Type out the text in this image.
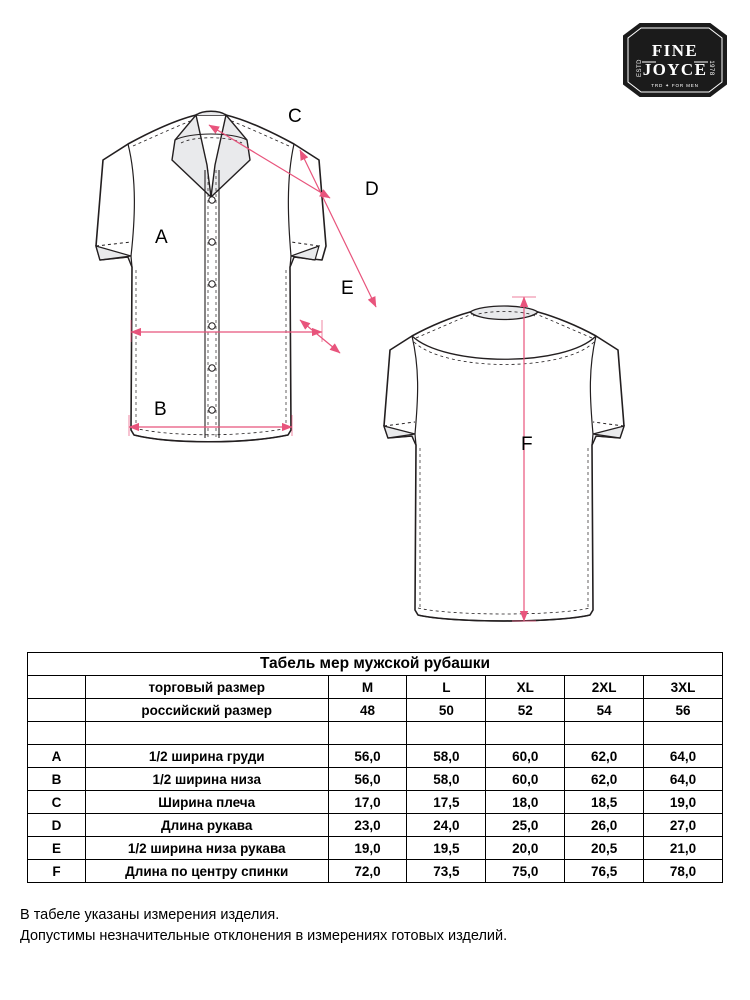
FINE
JOYCE
ESTD	1978
TRD ✦ FOR MEN
A
B
C
D
E
F
Табель мер мужской рубашки						
	торговый размер	M	L	XL	2XL	3XL
	российский размер	48	50	52	54	56

A	1/2 ширина груди	56,0	58,0	60,0	62,0	64,0
B	1/2 ширина низа	56,0	58,0	60,0	62,0	64,0
C	Ширина плеча	17,0	17,5	18,0	18,5	19,0
D	Длина рукава	23,0	24,0	25,0	26,0	27,0
E	1/2 ширина низа рукава	19,0	19,5	20,0	20,5	21,0
F	Длина по центру спинки	72,0	73,5	75,0	76,5	78,0
В табеле указаны измерения изделия.
Допустимы незначительные отклонения в измерениях готовых изделий.
